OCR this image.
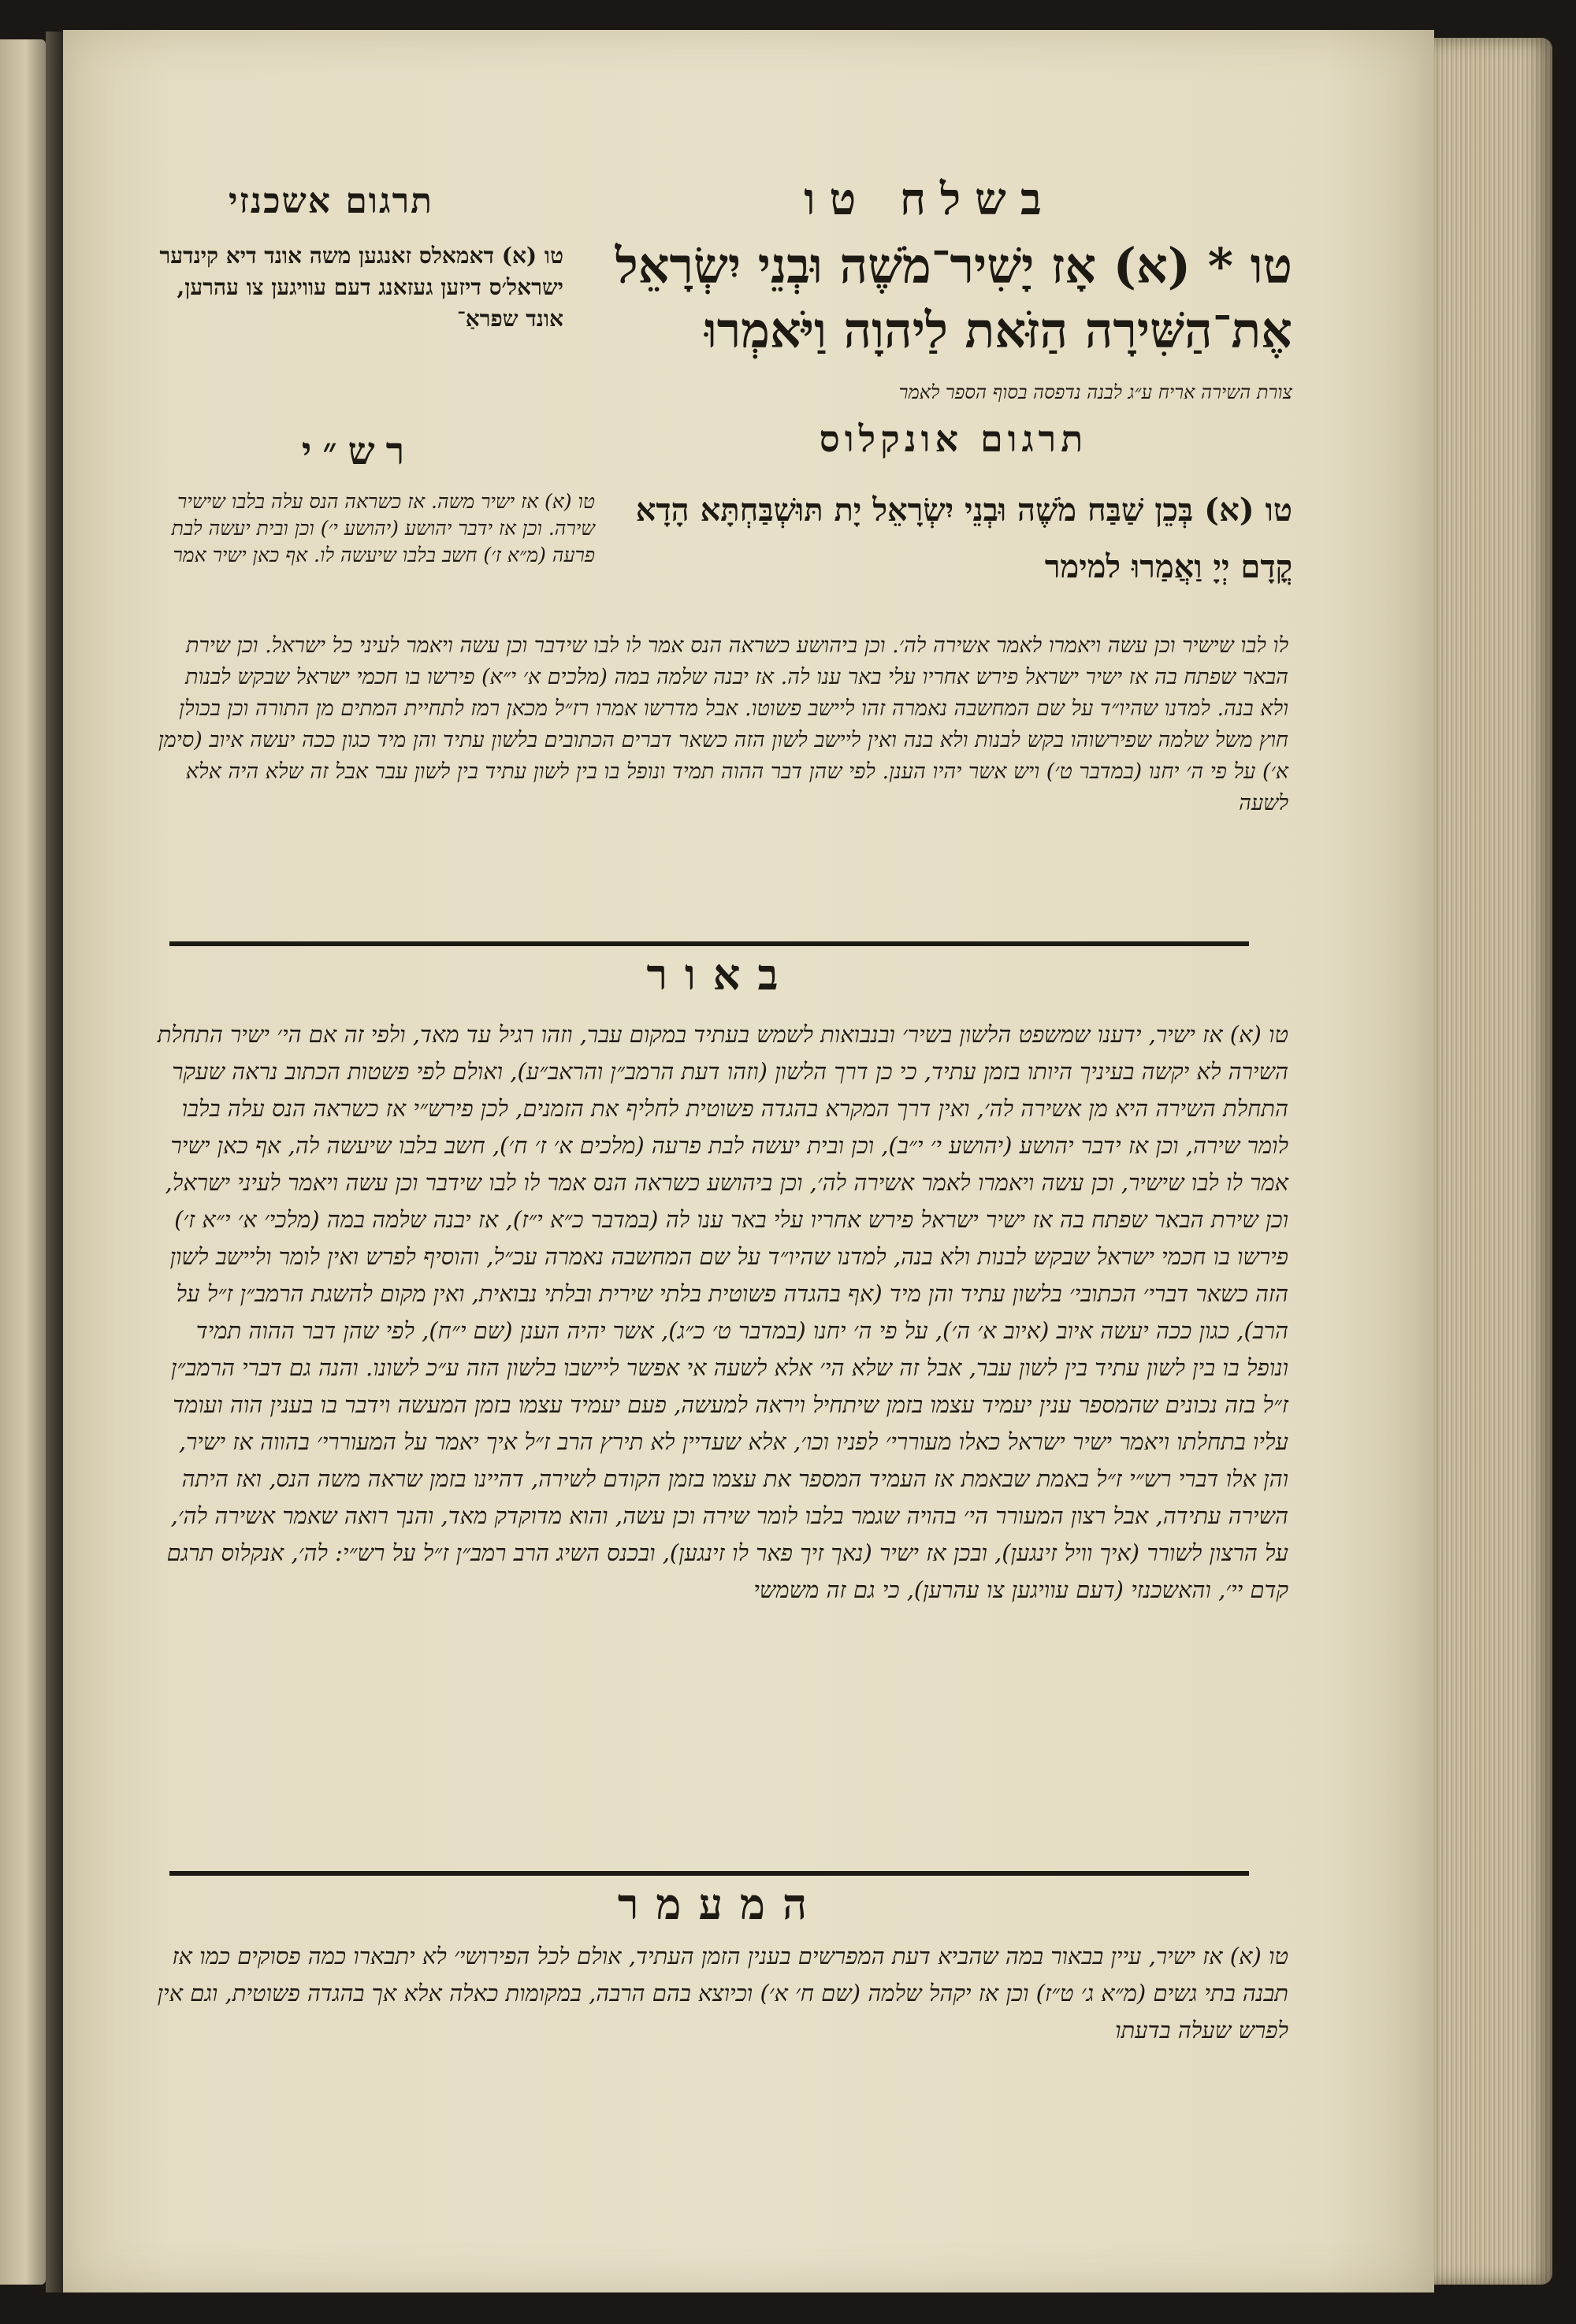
תרגום אשכנזי	בשלח טו
טו * (א) אָז יָשִׁיר־מֹשֶׁה וּבְנֵי יִשְׂרָאֵל
אֶת־הַשִּׁירָה הַזֹּאת לַיהוָה וַיֹּאמְרוּ
צורת השירה אריח ע״ג לבנה נדפסה בסוף הספר לאמר
טו (א) דאמאלס זאנגען משה אונד דיא קינדער ישראל׳ס דיזען געזאנג דעם עוויגען צו עהרען, אונד שפראַ־
תרגום אונקלוס
טו (א) בְּכֵן שַׁבַּח מֹשֶׁה וּבְנֵי יִשְׂרָאֵל יָת תּוּשְׁבַּחְתָּא הָדָא קֳדָם יְיָ וַאֲמַרוּ למימר
רש״י
טו (א) אז ישיר משה. אז כשראה הנס עלה בלבו שישיר שירה. וכן אז ידבר יהושע (יהושע י׳) וכן ובית יעשה לבת פרעה (מ״א ז׳) חשב בלבו שיעשה לו. אף כאן ישיר אמר
לו לבו שישיר וכן עשה ויאמרו לאמר אשירה לה׳. וכן ביהושע כשראה הנס אמר לו לבו שידבר וכן עשה ויאמר לעיני כל ישראל. וכן שירת הבאר שפתח בה אז ישיר ישראל פירש אחריו עלי באר ענו לה. אז יבנה שלמה במה (מלכים א׳ י״א) פירשו בו חכמי ישראל שבקש לבנות ולא בנה. למדנו שהיו״ד על שם המחשבה נאמרה זהו ליישב פשוטו. אבל מדרשו אמרו רז״ל מכאן רמז לתחיית המתים מן התורה וכן בכולן חוץ משל שלמה שפירשוהו בקש לבנות ולא בנה ואין ליישב לשון הזה כשאר דברים הכתובים בלשון עתיד והן מיד כגון ככה יעשה איוב (סימן א׳) על פי ה׳ יחנו (במדבר ט׳) ויש אשר יהיו הענן. לפי שהן דבר ההוה תמיד ונופל בו בין לשון עתיד בין לשון עבר אבל זה שלא היה אלא לשעה
באור
טו (א) אז ישיר, ידענו שמשפט הלשון בשיר׳ ובנבואות לשמש בעתיד במקום עבר, וזהו רגיל עד מאד, ולפי זה אם הי׳ ישיר התחלת השירה לא יקשה בעיניך היותו בזמן עתיד, כי כן דרך הלשון (וזהו דעת הרמב״ן והראב״ע), ואולם לפי פשטות הכתוב נראה שעקר התחלת השירה היא מן אשירה לה׳, ואין דרך המקרא בהגדה פשוטית לחליף את הזמנים, לכן פירש״י אז כשראה הנס עלה בלבו לומר שירה, וכן אז ידבר יהושע (יהושע י׳ י״ב), וכן ובית יעשה לבת פרעה (מלכים א׳ ז׳ ח׳), חשב בלבו שיעשה לה, אף כאן ישיר אמר לו לבו שישיר, וכן עשה ויאמרו לאמר אשירה לה׳, וכן ביהושע כשראה הנס אמר לו לבו שידבר וכן עשה ויאמר לעיני ישראל, וכן שירת הבאר שפתח בה אז ישיר ישראל פירש אחריו עלי באר ענו לה (במדבר כ״א י״ז), אז יבנה שלמה במה (מלכי׳ א׳ י״א ז׳) פירשו בו חכמי ישראל שבקש לבנות ולא בנה, למדנו שהיו״ד על שם המחשבה נאמרה עכ״ל, והוסיף לפרש ואין לומר וליישב לשון הזה כשאר דברי׳ הכתובי׳ בלשון עתיד והן מיד (אף בהגדה פשוטית בלתי שירית ובלתי נבואית, ואין מקום להשגת הרמב״ן ז״ל על הרב), כגון ככה יעשה איוב (איוב א׳ ה׳), על פי ה׳ יחנו (במדבר ט׳ כ״ג), אשר יהיה הענן (שם י״ח), לפי שהן דבר ההוה תמיד ונופל בו בין לשון עתיד בין לשון עבר, אבל זה שלא הי׳ אלא לשעה אי אפשר ליישבו בלשון הזה ע״כ לשונו. והנה גם דברי הרמב״ן ז״ל בזה נכונים שהמספר ענין יעמיד עצמו בזמן שיתחיל ויראה למעשה, פעם יעמיד עצמו בזמן המעשה וידבר בו בענין הוה ועומד עליו בתחלתו ויאמר ישיר ישראל כאלו מעוררי׳ לפניו וכו׳, אלא שעדיין לא תירץ הרב ז״ל איך יאמר על המעוררי׳ בהווה אז ישיר, והן אלו דברי רש״י ז״ל באמת שבאמת אז העמיד המספר את עצמו בזמן הקודם לשירה, דהיינו בזמן שראה משה הנס, ואז היתה השירה עתידה, אבל רצון המעורר הי׳ בהויה שגמר בלבו לומר שירה וכן עשה, והוא מדוקדק מאד, והנך רואה שאמר אשירה לה׳, על הרצון לשורר (איך וויל זינגען), ובכן אז ישיר (נאך זיך פאר לו זינגען), ובכנס השיג הרב רמב״ן ז״ל על רש״י: לה׳, אנקלוס תרגם קדם יי׳, והאשכנזי (דעם עוויגען צו עהרען), כי גם זה משמשי
המעמר
טו (א) אז ישיר, עיין בבאור במה שהביא דעת המפרשים בענין הזמן העתיד, אולם לכל הפירושי׳ לא יתבארו כמה פסוקים כמו אז תבנה בתי גשים (מ״א ג׳ ט״ז) וכן אז יקהל שלמה (שם ח׳ א׳) וכיוצא בהם הרבה, במקומות כאלה אלא אך בהגדה פשוטית, וגם אין לפרש שעלה בדעתו
